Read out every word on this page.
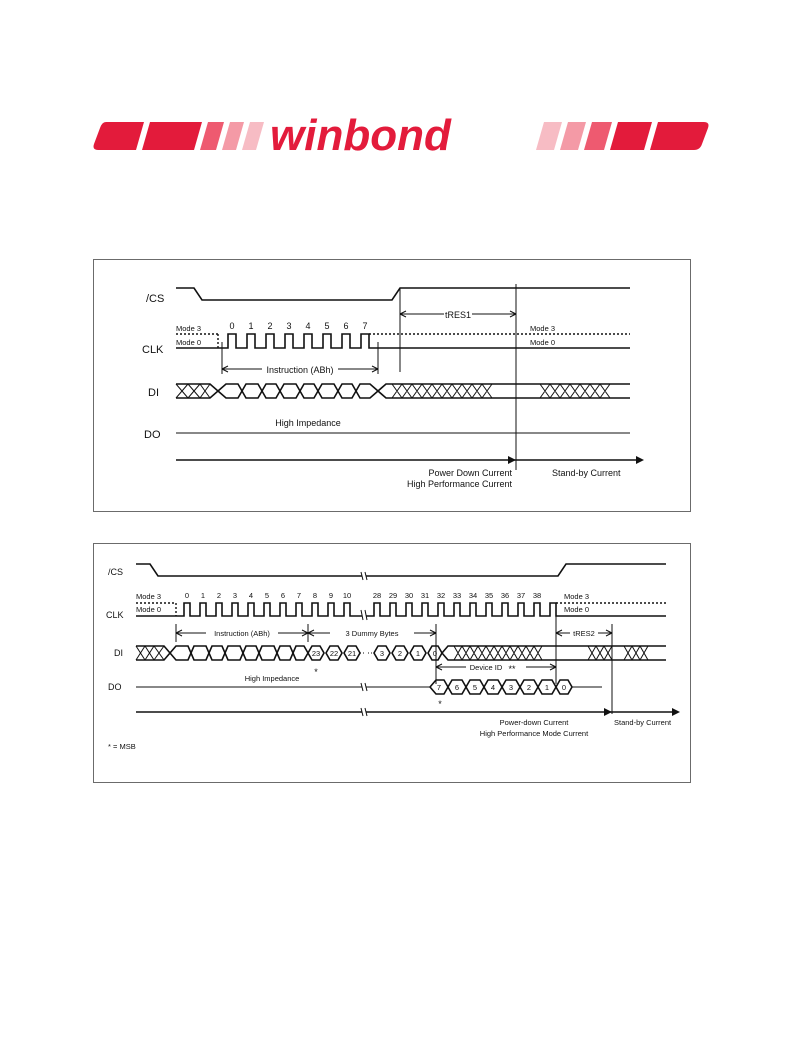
winbond
/CS
CLK
DI
DO
Mode 3
Mode 0
Mode 3
Mode 0
0 1 2 3 4 5 6 7
tRES1
Instruction (ABh)
High Impedance
Power Down Current
High Performance Current
Stand-by Current
/CS
CLK
DI
DO
Mode 3
Mode 0
Mode 3
Mode 0
0 1 2 3 4 5 6 7 8 9 10	28 29 30 31 32 33 34 35 36 37 38
Instruction (ABh)	3 Dummy Bytes	tRES2
23 22 21	3 2 1 0
*	Device ID **
High Impedance
7 6 5 4 3 2 1 0
*
Power-down Current
High Performance Mode Current
Stand-by Current
* = MSB
